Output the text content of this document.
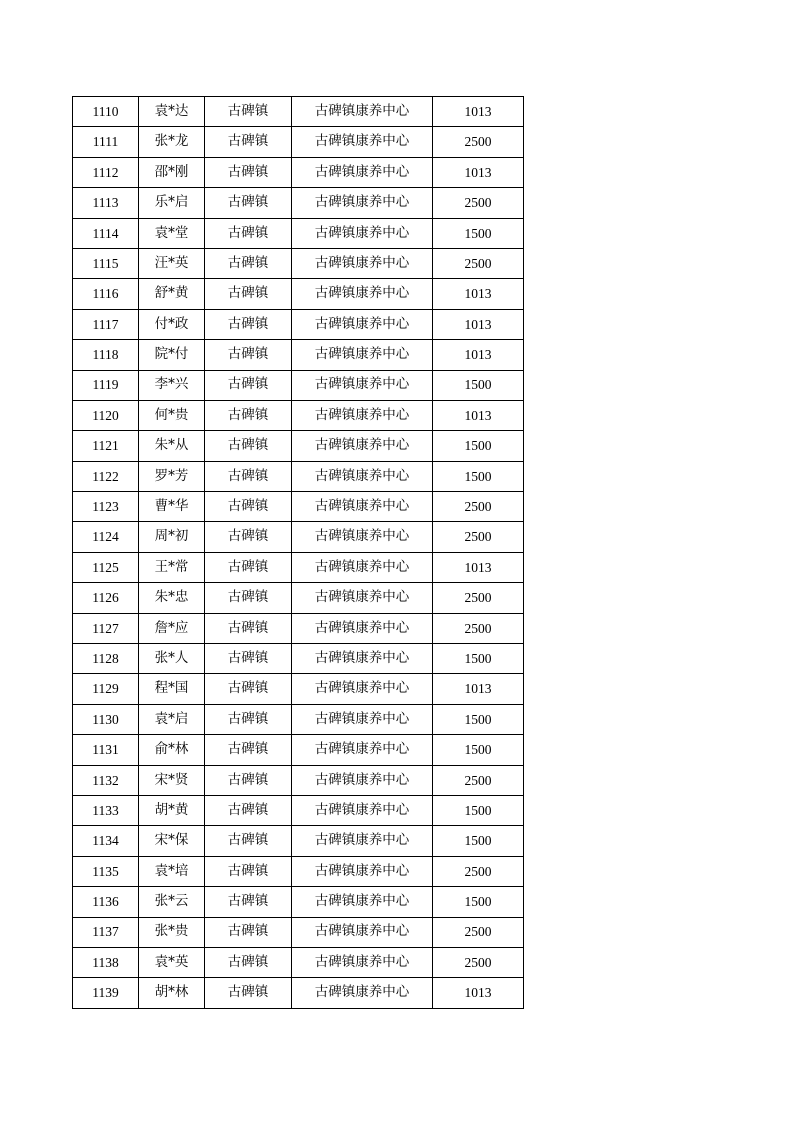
1110	袁*达	古碑镇	古碑镇康养中心	1013
1111	张*龙	古碑镇	古碑镇康养中心	2500
1112	邵*刚	古碑镇	古碑镇康养中心	1013
1113	乐*启	古碑镇	古碑镇康养中心	2500
1114	袁*堂	古碑镇	古碑镇康养中心	1500
1115	汪*英	古碑镇	古碑镇康养中心	2500
1116	舒*黄	古碑镇	古碑镇康养中心	1013
1117	付*政	古碑镇	古碑镇康养中心	1013
1118	院*付	古碑镇	古碑镇康养中心	1013
1119	李*兴	古碑镇	古碑镇康养中心	1500
1120	何*贵	古碑镇	古碑镇康养中心	1013
1121	朱*从	古碑镇	古碑镇康养中心	1500
1122	罗*芳	古碑镇	古碑镇康养中心	1500
1123	曹*华	古碑镇	古碑镇康养中心	2500
1124	周*初	古碑镇	古碑镇康养中心	2500
1125	王*常	古碑镇	古碑镇康养中心	1013
1126	朱*忠	古碑镇	古碑镇康养中心	2500
1127	詹*应	古碑镇	古碑镇康养中心	2500
1128	张*人	古碑镇	古碑镇康养中心	1500
1129	程*国	古碑镇	古碑镇康养中心	1013
1130	袁*启	古碑镇	古碑镇康养中心	1500
1131	俞*林	古碑镇	古碑镇康养中心	1500
1132	宋*贤	古碑镇	古碑镇康养中心	2500
1133	胡*黄	古碑镇	古碑镇康养中心	1500
1134	宋*保	古碑镇	古碑镇康养中心	1500
1135	袁*培	古碑镇	古碑镇康养中心	2500
1136	张*云	古碑镇	古碑镇康养中心	1500
1137	张*贵	古碑镇	古碑镇康养中心	2500
1138	袁*英	古碑镇	古碑镇康养中心	2500
1139	胡*林	古碑镇	古碑镇康养中心	1013
